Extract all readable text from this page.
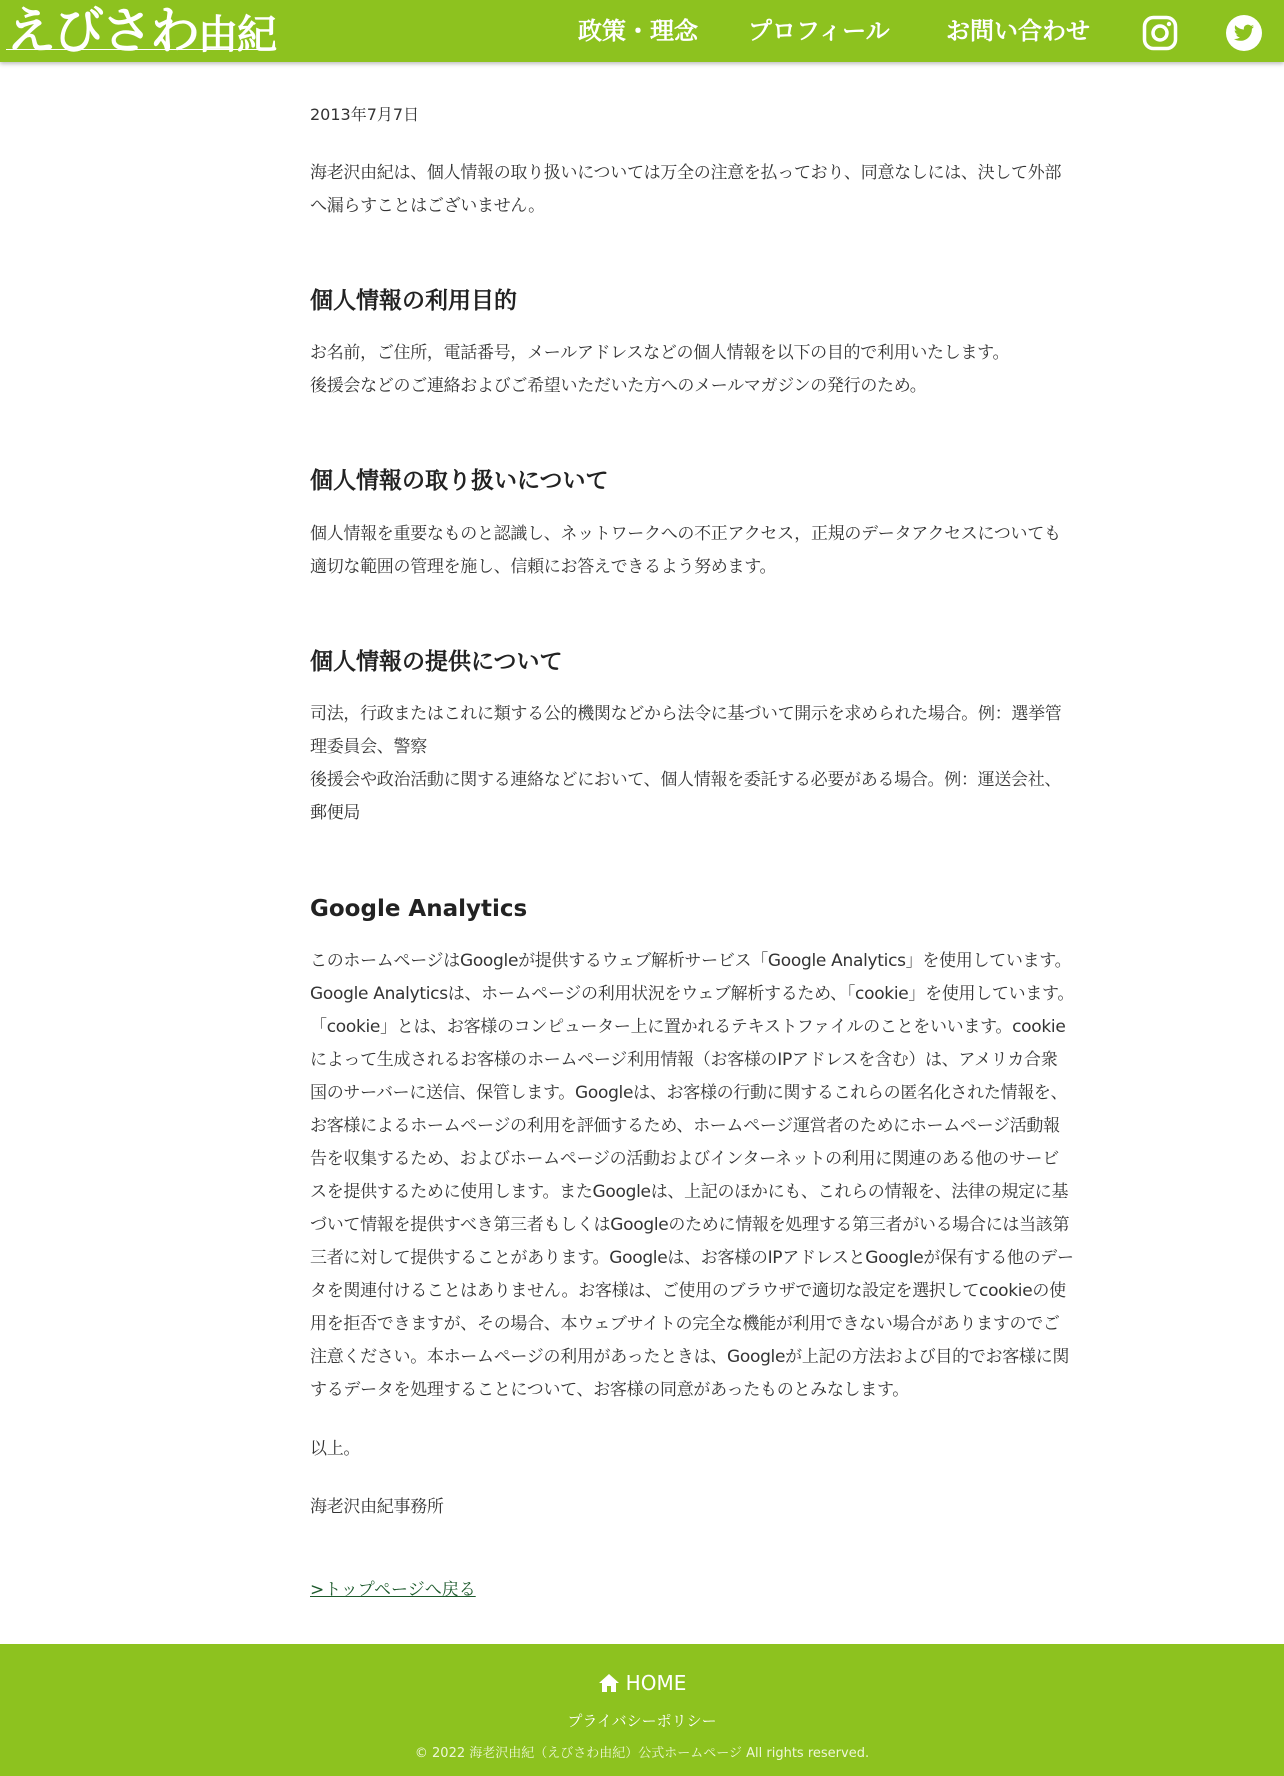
えびさわ由紀	政策・理念 プロフィール お問い合わせ
2013年7月7日
海老沢由紀は、個人情報の取り扱いについては万全の注意を払っており、同意なしには、決して外部
へ漏らすことはございません。
個人情報の利用目的
お名前，ご住所，電話番号，メールアドレスなどの個人情報を以下の目的で利用いたします。
後援会などのご連絡およびご希望いただいた方へのメールマガジンの発行のため。
個人情報の取り扱いについて
個人情報を重要なものと認識し、ネットワークへの不正アクセス，正規のデータアクセスについても
適切な範囲の管理を施し、信頼にお答えできるよう努めます。
個人情報の提供について
司法，行政またはこれに類する公的機関などから法令に基づいて開示を求められた場合。例：選挙管
理委員会、警察
後援会や政治活動に関する連絡などにおいて、個人情報を委託する必要がある場合。例：運送会社、
郵便局
Google Analytics
このホームページはGoogleが提供するウェブ解析サービス「Google Analytics」を使用しています。
Google Analyticsは、ホームページの利用状況をウェブ解析するため、「cookie」を使用しています。
「cookie」とは、お客様のコンピューター上に置かれるテキストファイルのことをいいます。cookie
によって生成されるお客様のホームページ利用情報（お客様のIPアドレスを含む）は、アメリカ合衆
国のサーバーに送信、保管します。Googleは、お客様の行動に関するこれらの匿名化された情報を、
お客様によるホームページの利用を評価するため、ホームページ運営者のためにホームページ活動報
告を収集するため、およびホームページの活動およびインターネットの利用に関連のある他のサービ
スを提供するために使用します。またGoogleは、上記のほかにも、これらの情報を、法律の規定に基
づいて情報を提供すべき第三者もしくはGoogleのために情報を処理する第三者がいる場合には当該第
三者に対して提供することがあります。Googleは、お客様のIPアドレスとGoogleが保有する他のデー
タを関連付けることはありません。お客様は、ご使用のブラウザで適切な設定を選択してcookieの使
用を拒否できますが、その場合、本ウェブサイトの完全な機能が利用できない場合がありますのでご
注意ください。本ホームページの利用があったときは、Googleが上記の方法および目的でお客様に関
するデータを処理することについて、お客様の同意があったものとみなします。
以上。
海老沢由紀事務所
>トップページへ戻る
HOME
プライバシーポリシー
© 2022 海老沢由紀（えびさわ由紀）公式ホームページ All rights reserved.
